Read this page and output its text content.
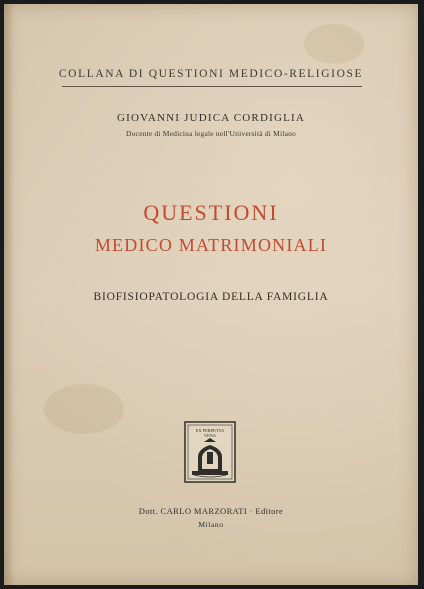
COLLANA DI QUESTIONI MEDICO-RELIGIOSE
GIOVANNI JUDICA CORDIGLIA
Docente di Medicina legale nell'Università di Milano
QUESTIONI
MEDICO MATRIMONIALI
BIOFISIOPATOLOGIA DELLA FAMIGLIA
EX PERPETVA
VENA
Dott. CARLO MARZORATI · Editore
Milano
